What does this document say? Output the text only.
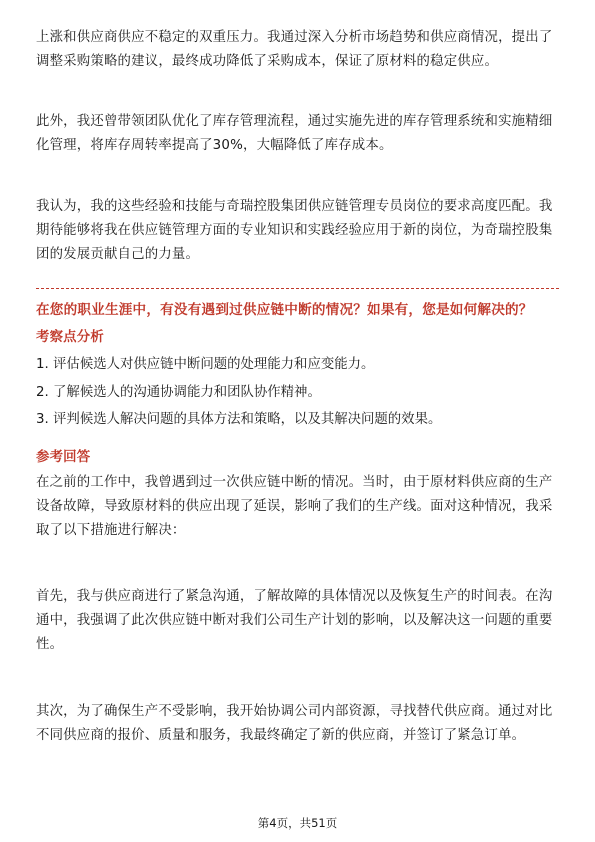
上涨和供应商供应不稳定的双重压力。我通过深入分析市场趋势和供应商情况，提出了调整采购策略的建议，最终成功降低了采购成本，保证了原材料的稳定供应。

此外，我还曾带领团队优化了库存管理流程，通过实施先进的库存管理系统和实施精细化管理，将库存周转率提高了30%，大幅降低了库存成本。

我认为，我的这些经验和技能与奇瑞控股集团供应链管理专员岗位的要求高度匹配。我期待能够将我在供应链管理方面的专业知识和实践经验应用于新的岗位，为奇瑞控股集团的发展贡献自己的力量。

在您的职业生涯中，有没有遇到过供应链中断的情况？如果有，您是如何解决的？

考察点分析

1. 评估候选人对供应链中断问题的处理能力和应变能力。

2. 了解候选人的沟通协调能力和团队协作精神。

3. 评判候选人解决问题的具体方法和策略，以及其解决问题的效果。

参考回答

在之前的工作中，我曾遇到过一次供应链中断的情况。当时，由于原材料供应商的生产设备故障，导致原材料的供应出现了延误，影响了我们的生产线。面对这种情况，我采取了以下措施进行解决：

首先，我与供应商进行了紧急沟通，了解故障的具体情况以及恢复生产的时间表。在沟通中，我强调了此次供应链中断对我们公司生产计划的影响，以及解决这一问题的重要性。

其次，为了确保生产不受影响，我开始协调公司内部资源，寻找替代供应商。通过对比不同供应商的报价、质量和服务，我最终确定了新的供应商，并签订了紧急订单。

第4页，共51页
